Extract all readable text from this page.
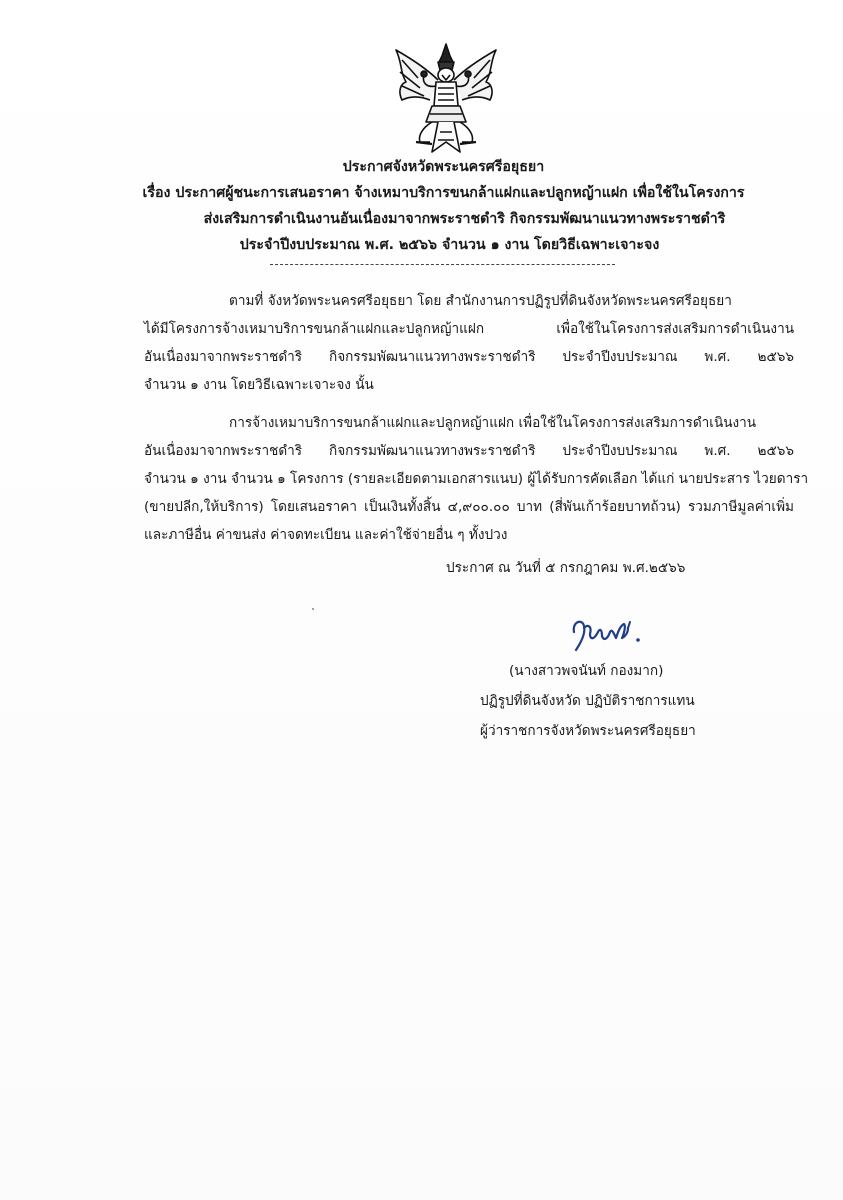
ประกาศจังหวัดพระนครศรีอยุธยา
เรื่อง ประกาศผู้ชนะการเสนอราคา จ้างเหมาบริการขนกล้าแฝกและปลูกหญ้าแฝก เพื่อใช้ในโครงการ
ส่งเสริมการดำเนินงานอันเนื่องมาจากพระราชดำริ กิจกรรมพัฒนาแนวทางพระราชดำริ
ประจำปีงบประมาณ พ.ศ. ๒๕๖๖ จำนวน ๑ งาน โดยวิธีเฉพาะเจาะจง
ตามที่ จังหวัดพระนครศรีอยุธยา โดย สำนักงานการปฏิรูปที่ดินจังหวัดพระนครศรีอยุธยา
ได้มีโครงการจ้างเหมาบริการขนกล้าแฝกและปลูกหญ้าแฝก เพื่อใช้ในโครงการส่งเสริมการดำเนินงาน
อันเนื่องมาจากพระราชดำริ กิจกรรมพัฒนาแนวทางพระราชดำริ ประจำปีงบประมาณ พ.ศ. ๒๕๖๖
จำนวน ๑ งาน โดยวิธีเฉพาะเจาะจง นั้น
การจ้างเหมาบริการขนกล้าแฝกและปลูกหญ้าแฝก เพื่อใช้ในโครงการส่งเสริมการดำเนินงาน
อันเนื่องมาจากพระราชดำริ กิจกรรมพัฒนาแนวทางพระราชดำริ ประจำปีงบประมาณ พ.ศ. ๒๕๖๖
จำนวน ๑ งาน จำนวน ๑ โครงการ (รายละเอียดตามเอกสารแนบ) ผู้ได้รับการคัดเลือก ได้แก่ นายประสาร ไวยดารา
(ขายปลีก,ให้บริการ) โดยเสนอราคา เป็นเงินทั้งสิ้น ๔,๙๐๐.๐๐ บาท (สี่พันเก้าร้อยบาทถ้วน) รวมภาษีมูลค่าเพิ่ม
และภาษีอื่น ค่าขนส่ง ค่าจดทะเบียน และค่าใช้จ่ายอื่น ๆ ทั้งปวง
ประกาศ ณ วันที่ ๕ กรกฎาคม พ.ศ.๒๕๖๖
(นางสาวพจนันท์ กองมาก)
ปฏิรูปที่ดินจังหวัด ปฏิบัติราชการแทน
ผู้ว่าราชการจังหวัดพระนครศรีอยุธยา
